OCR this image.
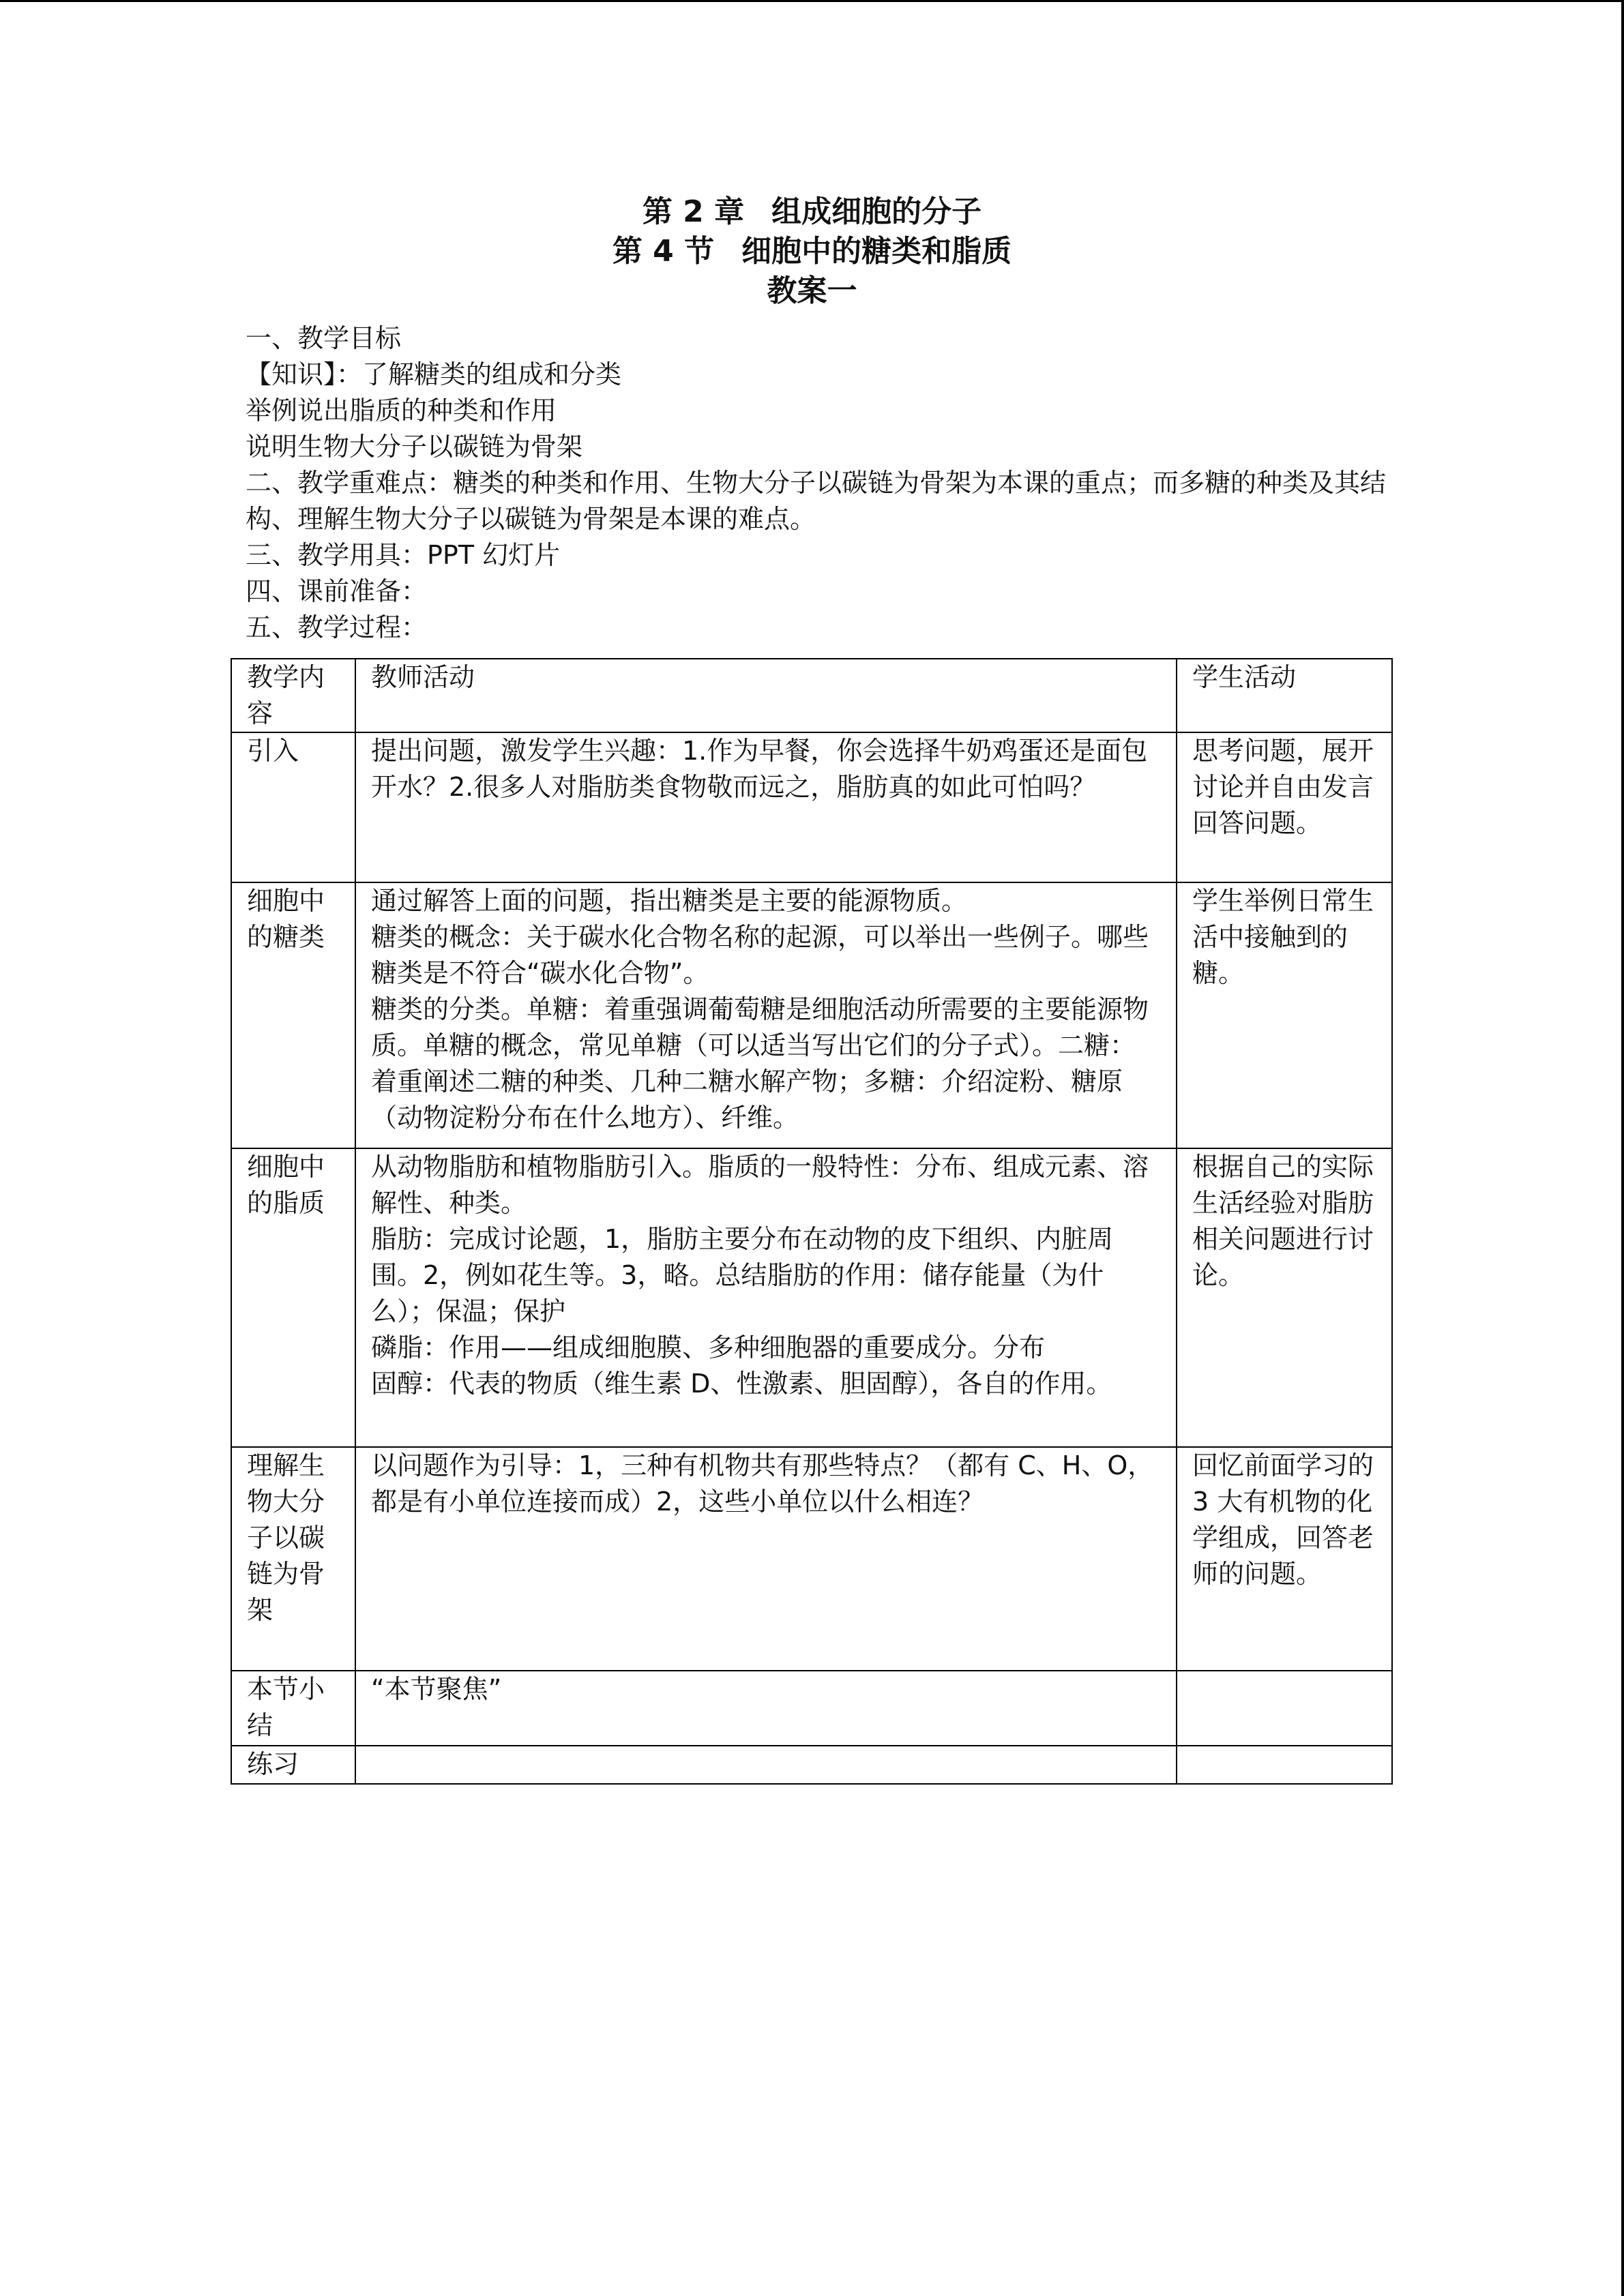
第 2 章 组成细胞的分子
第 4 节 细胞中的糖类和脂质
教案一

一、教学目标

【知识】：了解糖类的组成和分类

举例说出脂质的种类和作用

说明生物大分子以碳链为骨架

二、教学重难点：糖类的种类和作用、生物大分子以碳链为骨架为本课的重点；而多糖的种类及其结构、理解生物大分子以碳链为骨架是本课的难点。

三、教学用具：PPT 幻灯片

四、课前准备：

五、教学过程：

教学内容	教师活动	学生活动
引入	提出问题，激发学生兴趣：1.作为早餐，你会选择牛奶鸡蛋还是面包开水？2.很多人对脂肪类食物敬而远之，脂肪真的如此可怕吗？	思考问题，展开讨论并自由发言回答问题。
细胞中的糖类	通过解答上面的问题，指出糖类是主要的能源物质。
糖类的概念：关于碳水化合物名称的起源，可以举出一些例子。哪些糖类是不符合“碳水化合物”。
糖类的分类。单糖：着重强调葡萄糖是细胞活动所需要的主要能源物质。单糖的概念，常见单糖（可以适当写出它们的分子式）。二糖：着重阐述二糖的种类、几种二糖水解产物；多糖：介绍淀粉、糖原（动物淀粉分布在什么地方）、纤维。	学生举例日常生活中接触到的糖。
细胞中的脂质	从动物脂肪和植物脂肪引入。脂质的一般特性：分布、组成元素、溶解性、种类。
脂肪：完成讨论题，1，脂肪主要分布在动物的皮下组织、内脏周围。2，例如花生等。3，略。总结脂肪的作用：储存能量（为什么）；保温；保护
磷脂：作用——组成细胞膜、多种细胞器的重要成分。分布
固醇：代表的物质（维生素 D、性激素、胆固醇），各自的作用。	根据自己的实际生活经验对脂肪相关问题进行讨论。
理解生物大分子以碳链为骨架	以问题作为引导：1，三种有机物共有那些特点？（都有 C、H、O，都是有小单位连接而成）2，这些小单位以什么相连？	回忆前面学习的 3 大有机物的化学组成，回答老师的问题。
本节小结	“本节聚焦”	

练习	
